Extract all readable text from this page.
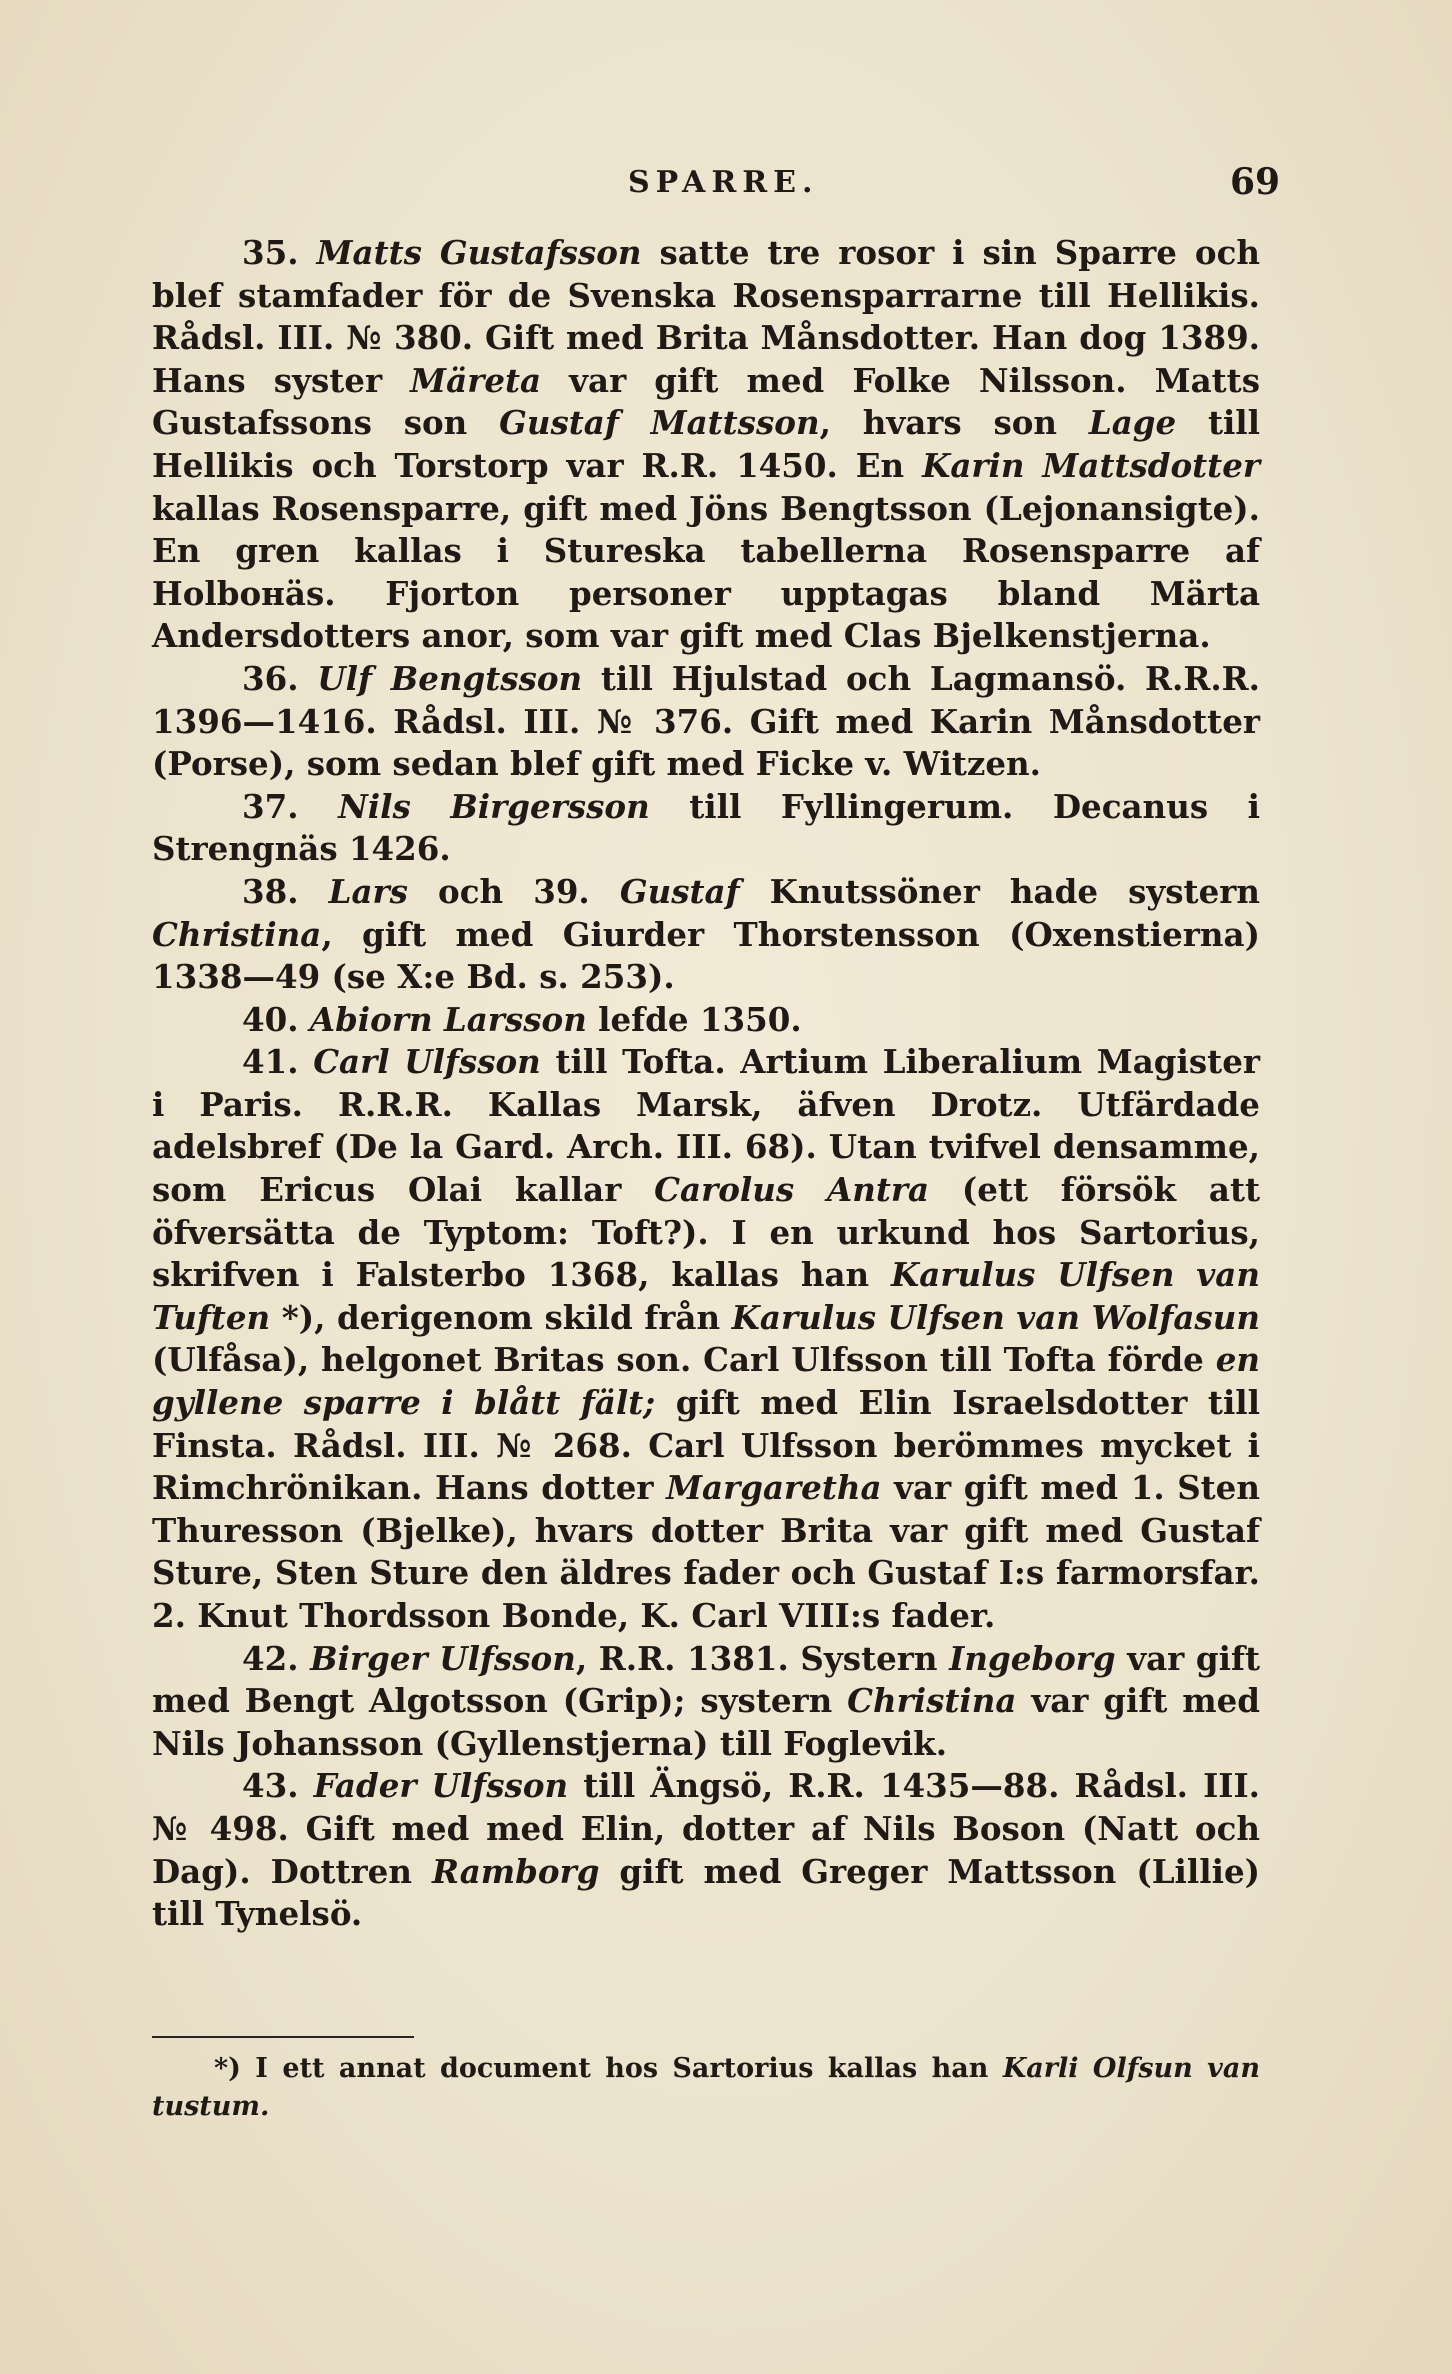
SPARRE.	69

35. Matts Gustafsson satte tre rosor i sin Sparre och blef stamfader för de Svenska Rosensparrarne till Hellikis. Rådsl. III. № 380. Gift med Brita Månsdotter. Han dog 1389. Hans syster Märeta var gift med Folke Nilsson. Matts Gustafssons son Gustaf Mattsson, hvars son Lage till Hellikis och Torstorp var R.R. 1450. En Karin Mattsdotter kallas Rosensparre, gift med Jöns Bengtsson (Lejonansigte). En gren kallas i Stureska tabellerna Rosensparre af Holboнäs. Fjorton personer upptagas bland Märta Andersdotters anor, som var gift med Clas Bjelkenstjerna.

36. Ulf Bengtsson till Hjulstad och Lagmansö. R.R.R. 1396—1416. Rådsl. III. № 376. Gift med Karin Månsdotter (Porse), som sedan blef gift med Ficke v. Witzen.

37. Nils Birgersson till Fyllingerum. Decanus i Strengnäs 1426.

38. Lars och 39. Gustaf Knutssöner hade systern Christina, gift med Giurder Thorstensson (Oxenstierna) 1338—49 (se X:e Bd. s. 253).

40. Abiorn Larsson lefde 1350.

41. Carl Ulfsson till Tofta. Artium Liberalium Magister i Paris. R.R.R. Kallas Marsk, äfven Drotz. Utfärdade adelsbref (De la Gard. Arch. III. 68). Utan tvifvel densamme, som Ericus Olai kallar Carolus Antra (ett försök att öfversätta de Typtom: Toft?). I en urkund hos Sartorius, skrifven i Falsterbo 1368, kallas han Karulus Ulfsen van Tuften *), derigenom skild från Karulus Ulfsen van Wolfasun (Ulfåsa), helgonet Britas son. Carl Ulfsson till Tofta förde en gyllene sparre i blått fält; gift med Elin Israelsdotter till Finsta. Rådsl. III. № 268. Carl Ulfsson berömmes mycket i Rimchrönikan. Hans dotter Margaretha var gift med 1. Sten Thuresson (Bjelke), hvars dotter Brita var gift med Gustaf Sture, Sten Sture den äldres fader och Gustaf I:s farmorsfar. 2. Knut Thordsson Bonde, K. Carl VIII:s fader.

42. Birger Ulfsson, R.R. 1381. Systern Ingeborg var gift med Bengt Algotsson (Grip); systern Christina var gift med Nils Johansson (Gyllenstjerna) till Foglevik.

43. Fader Ulfsson till Ängsö, R.R. 1435—88. Rådsl. III. № 498. Gift med med Elin, dotter af Nils Boson (Natt och Dag). Dottren Ramborg gift med Greger Mattsson (Lillie) till Tynelsö.

*) I ett annat document hos Sartorius kallas han Karli Olfsun van tustum.
